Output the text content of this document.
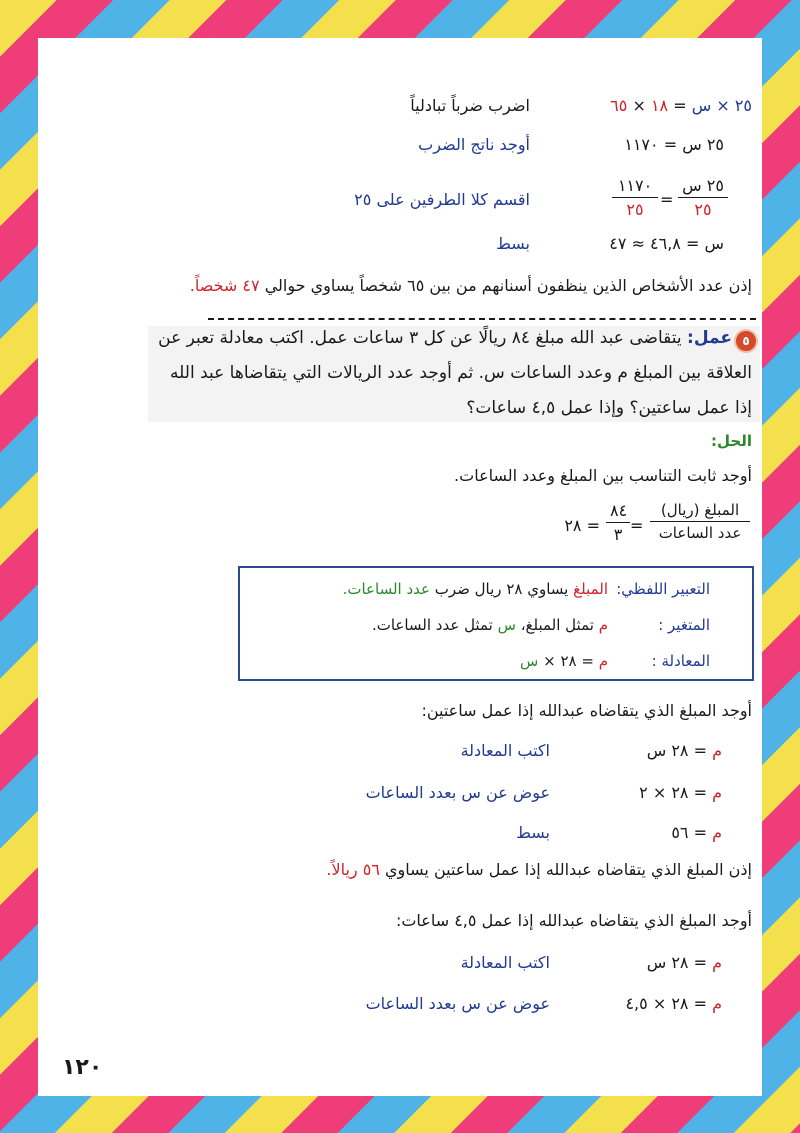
٢٥ × س = ١٨ × ٦٥
اضرب ضرباً تبادلياً
٢٥ س = ١١٧٠
أوجد ناتج الضرب
٢٥ س
٢٥
=
١١٧٠
٢٥
اقسم كلا الطرفين على ٢٥
س = ٤٦,٨ ≈ ٤٧
بسط
إذن عدد الأشخاص الذين ينظفون أسنانهم من بين ٦٥ شخصاً يساوي حوالي ٤٧ شخصاً.
٥
عمل: يتقاضى عبد الله مبلغ ٨٤ ريالًا عن كل ٣ ساعات عمل. اكتب معادلة تعبر عن
العلاقة بين المبلغ م وعدد الساعات س. ثم أوجد عدد الريالات التي يتقاضاها عبد الله
إذا عمل ساعتين؟ وإذا عمل ٤,٥ ساعات؟
الحل:
أوجد ثابت التناسب بين المبلغ وعدد الساعات.
المبلغ (ريال)
عدد الساعات
=
٨٤
٣
= ٢٨
التعبير اللفظي:
المبلغ يساوي ٢٨ ريال ضرب عدد الساعات.
المتغير :
م تمثل المبلغ، س تمثل عدد الساعات.
المعادلة :
م = ٢٨ × س
أوجد المبلغ الذي يتقاضاه عبدالله إذا عمل ساعتين:
م = ٢٨ س
اكتب المعادلة
م = ٢٨ × ٢
عوض عن س بعدد الساعات
م = ٥٦
بسط
إذن المبلغ الذي يتقاضاه عبدالله إذا عمل ساعتين يساوي ٥٦ ريالاً.
أوجد المبلغ الذي يتقاضاه عبدالله إذا عمل ٤,٥ ساعات:
م = ٢٨ س
اكتب المعادلة
م = ٢٨ × ٤,٥
عوض عن س بعدد الساعات
١٢٠
